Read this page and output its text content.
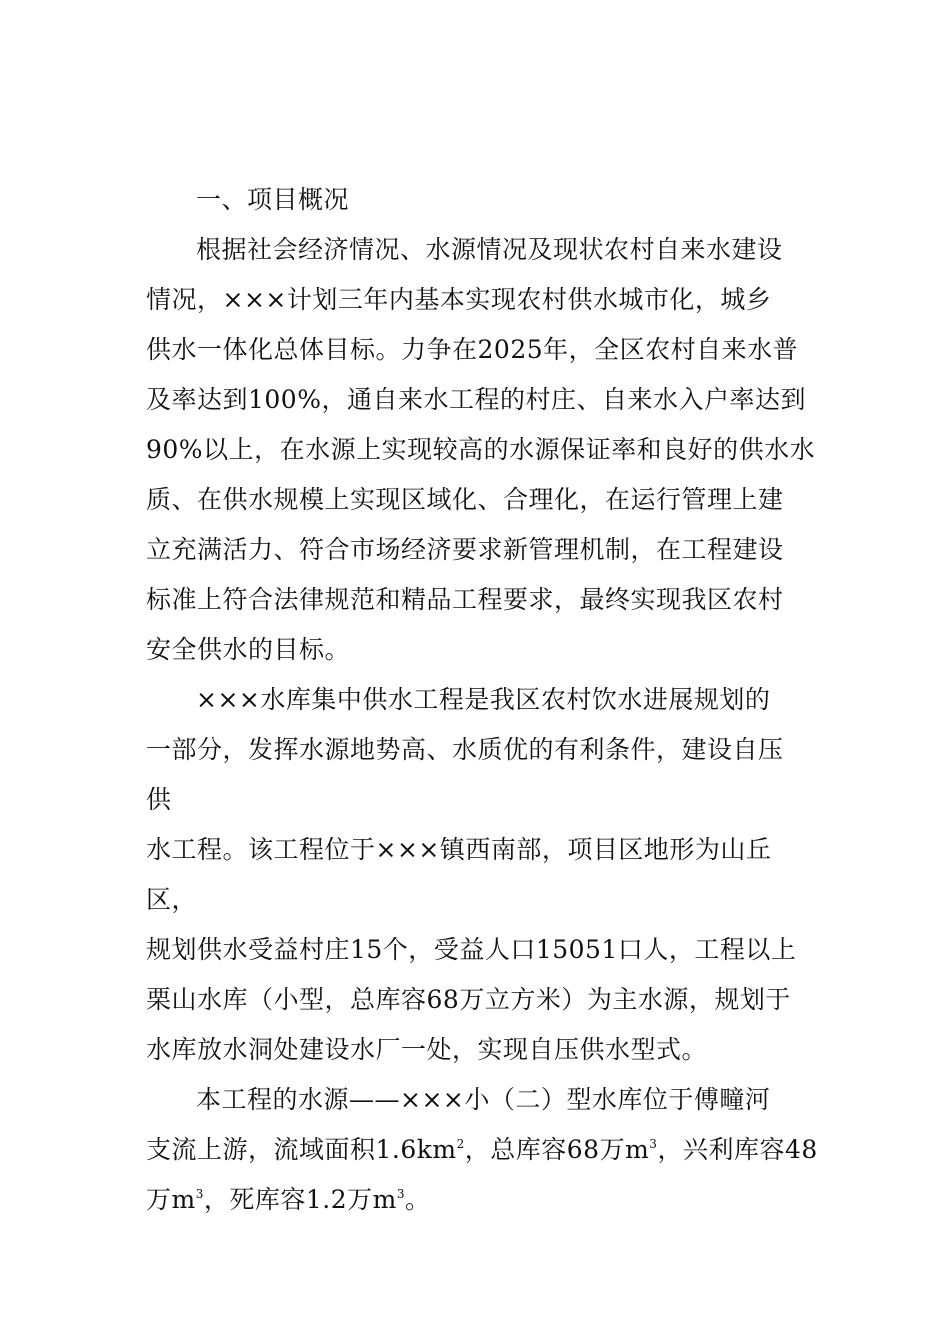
一、项目概况
根据社会经济情况、水源情况及现状农村自来水建设
情况，×××计划三年内基本实现农村供水城市化，城乡
供水一体化总体目标。力争在2025年，全区农村自来水普
及率达到100%，通自来水工程的村庄、自来水入户率达到
90%以上，在水源上实现较高的水源保证率和良好的供水水
质、在供水规模上实现区域化、合理化，在运行管理上建
立充满活力、符合市场经济要求新管理机制，在工程建设
标准上符合法律规范和精品工程要求，最终实现我区农村
安全供水的目标。
×××水库集中供水工程是我区农村饮水进展规划的
一部分，发挥水源地势高、水质优的有利条件，建设自压
供
水工程。该工程位于×××镇西南部，项目区地形为山丘
区，
规划供水受益村庄15个，受益人口15051口人，工程以上
栗山水库（小型，总库容68万立方米）为主水源，规划于
水库放水洞处建设水厂一处，实现自压供水型式。
本工程的水源——×××小（二）型水库位于傅疃河
支流上游，流域面积$1.6km^2$，总库容68万$m^3$，兴利库容48
万$m^3$，死库容1.2万$m^3$。
